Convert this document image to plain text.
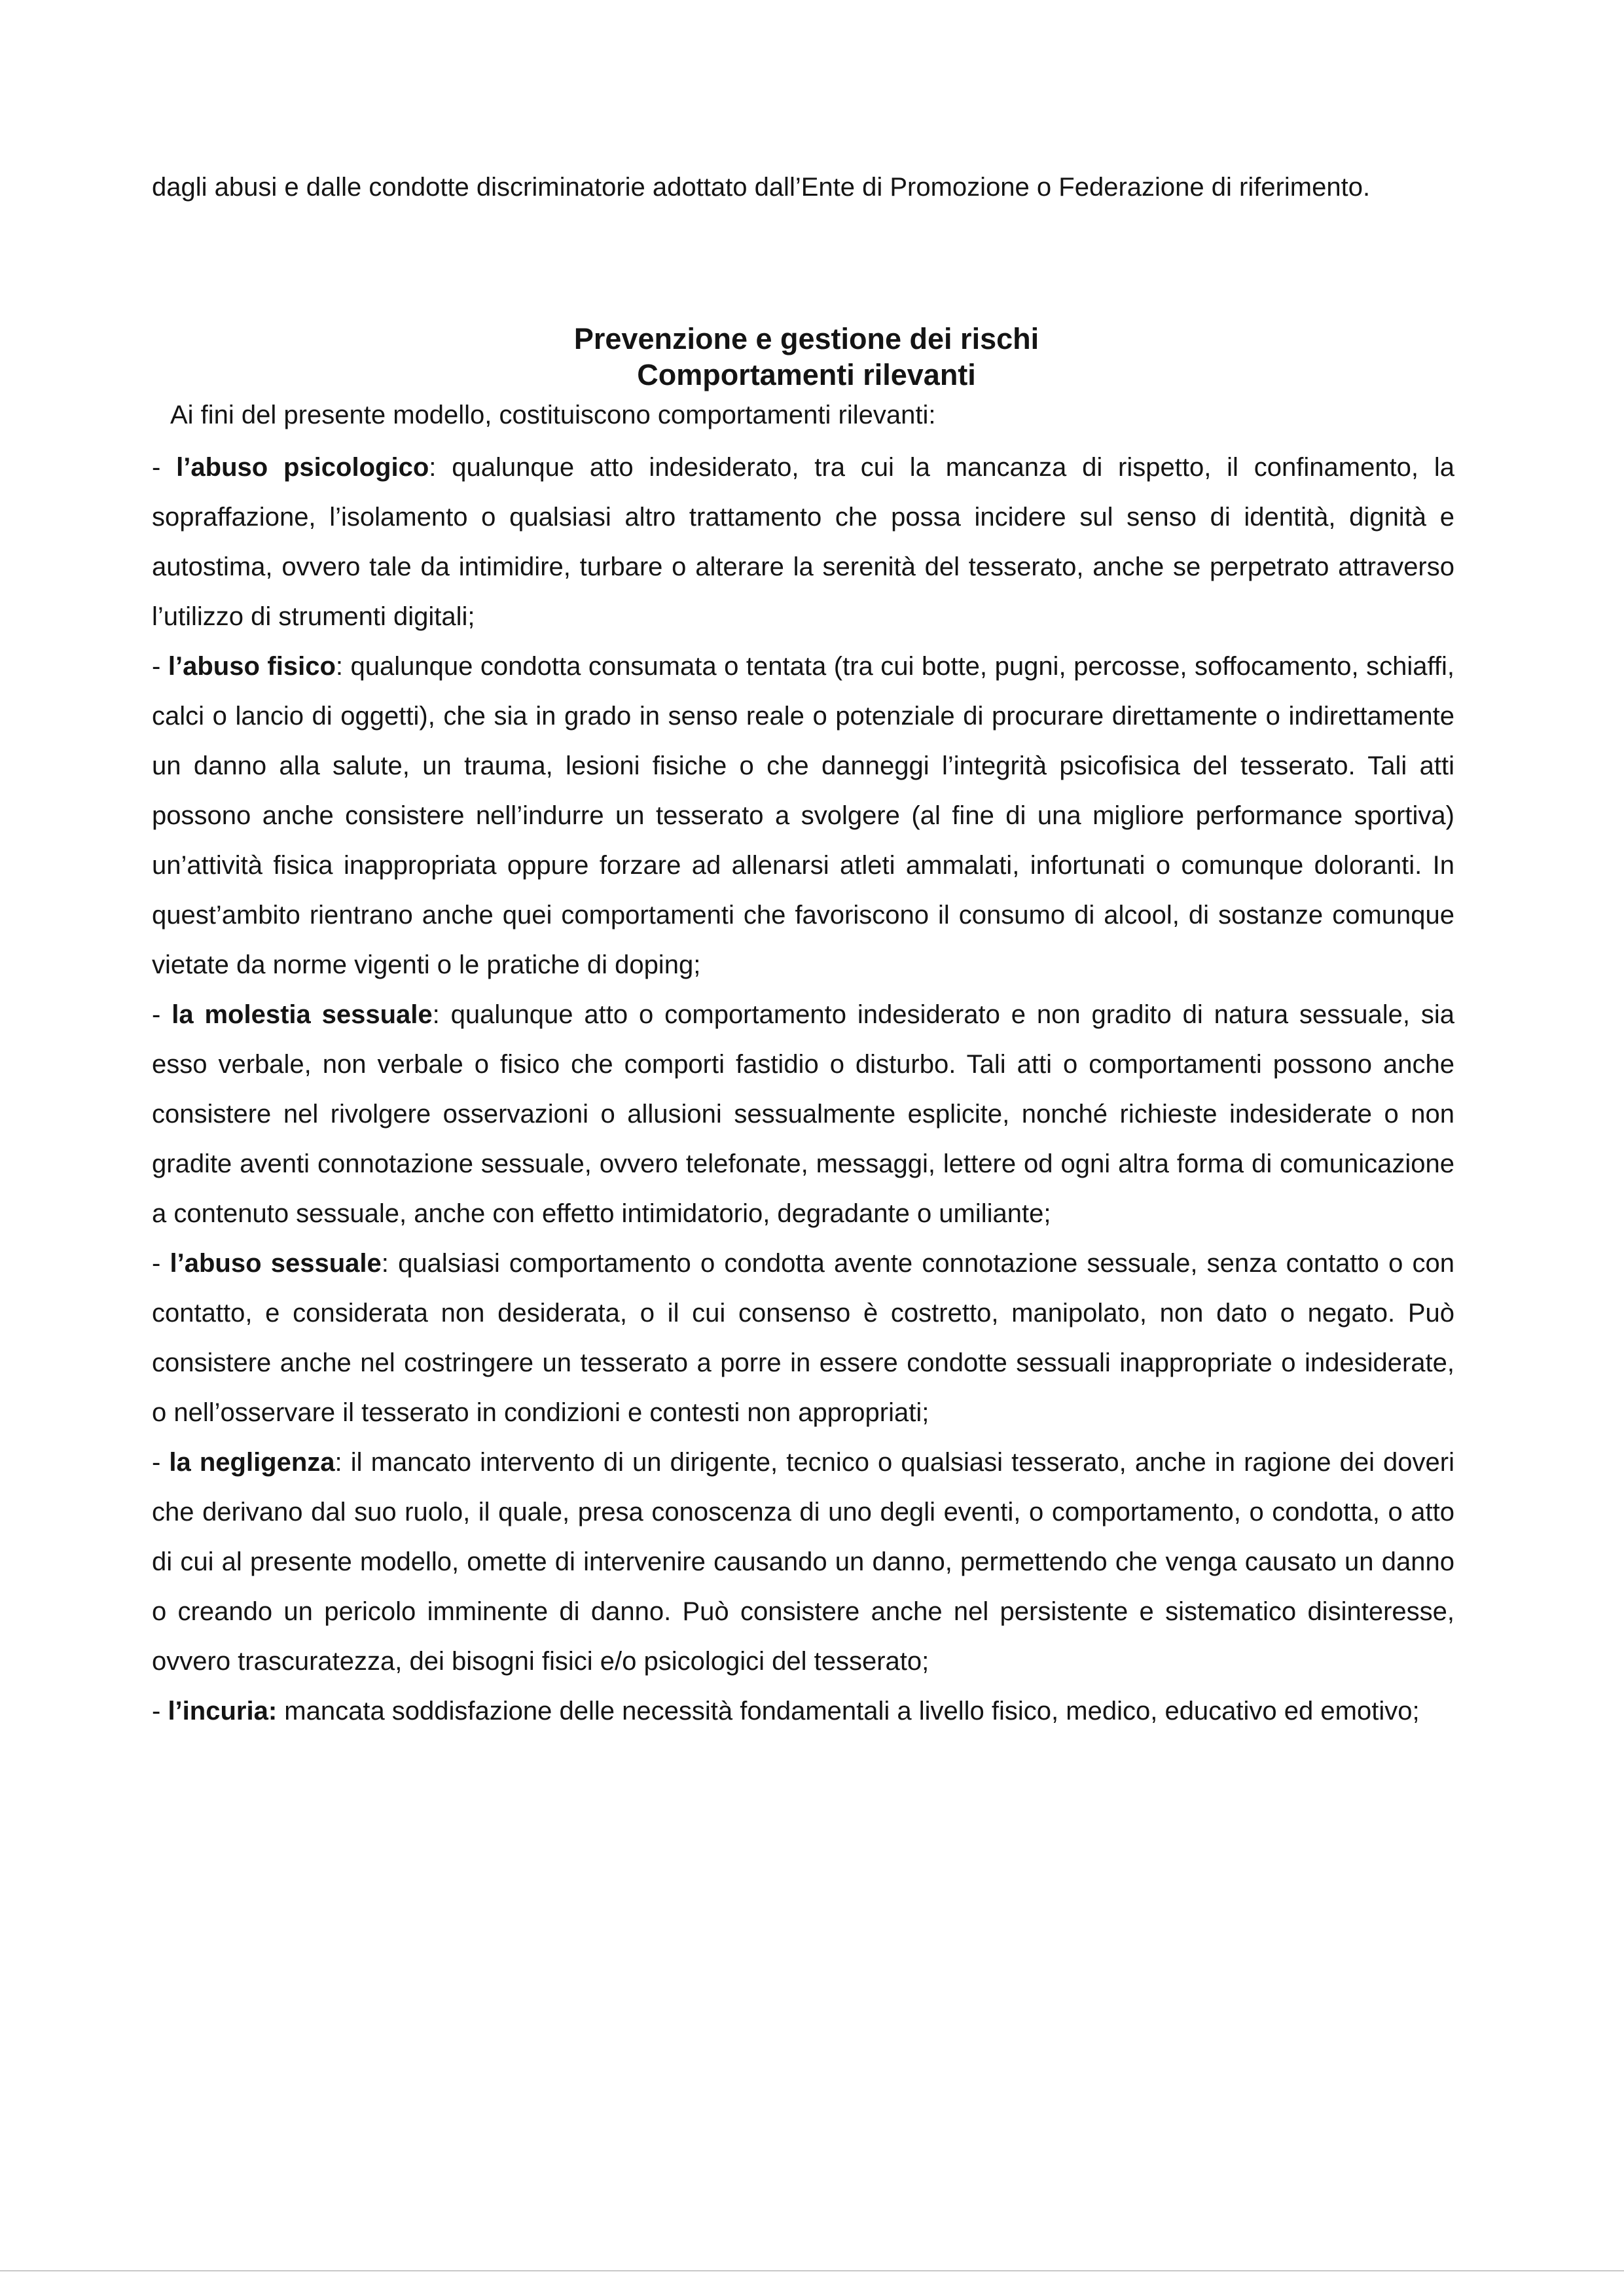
dagli abusi e dalle condotte discriminatorie adottato dall’Ente di Promozione o Federazione di riferimento.
Prevenzione e gestione dei rischi
Comportamenti rilevanti
Ai fini del presente modello, costituiscono comportamenti rilevanti:
- l’abuso psicologico: qualunque atto indesiderato, tra cui la mancanza di rispetto, il confinamento, la sopraffazione, l’isolamento o qualsiasi altro trattamento che possa incidere sul senso di identità, dignità e autostima, ovvero tale da intimidire, turbare o alterare la serenità del tesserato, anche se perpetrato attraverso l’utilizzo di strumenti digitali;
- l’abuso fisico: qualunque condotta consumata o tentata (tra cui botte, pugni, percosse, soffocamento, schiaffi, calci o lancio di oggetti), che sia in grado in senso reale o potenziale di procurare direttamente o indirettamente un danno alla salute, un trauma, lesioni fisiche o che danneggi l’integrità psicofisica del tesserato. Tali atti possono anche consistere nell’indurre un tesserato a svolgere (al fine di una migliore performance sportiva) un’attività fisica inappropriata oppure forzare ad allenarsi atleti ammalati, infortunati o comunque doloranti. In quest’ambito rientrano anche quei comportamenti che favoriscono il consumo di alcool, di sostanze comunque vietate da norme vigenti o le pratiche di doping;
- la molestia sessuale: qualunque atto o comportamento indesiderato e non gradito di natura sessuale, sia esso verbale, non verbale o fisico che comporti fastidio o disturbo. Tali atti o comportamenti possono anche consistere nel rivolgere osservazioni o allusioni sessualmente esplicite, nonché richieste indesiderate o non gradite aventi connotazione sessuale, ovvero telefonate, messaggi, lettere od ogni altra forma di comunicazione a contenuto sessuale, anche con effetto intimidatorio, degradante o umiliante;
- l’abuso sessuale: qualsiasi comportamento o condotta avente connotazione sessuale, senza contatto o con contatto, e considerata non desiderata, o il cui consenso è costretto, manipolato, non dato o negato. Può consistere anche nel costringere un tesserato a porre in essere condotte sessuali inappropriate o indesiderate, o nell’osservare il tesserato in condizioni e contesti non appropriati;
- la negligenza: il mancato intervento di un dirigente, tecnico o qualsiasi tesserato, anche in ragione dei doveri che derivano dal suo ruolo, il quale, presa conoscenza di uno degli eventi, o comportamento, o condotta, o atto di cui al presente modello, omette di intervenire causando un danno, permettendo che venga causato un danno o creando un pericolo imminente di danno. Può consistere anche nel persistente e sistematico disinteresse, ovvero trascuratezza, dei bisogni fisici e/o psicologici del tesserato;
- l’incuria: mancata soddisfazione delle necessità fondamentali a livello fisico, medico, educativo ed emotivo;
